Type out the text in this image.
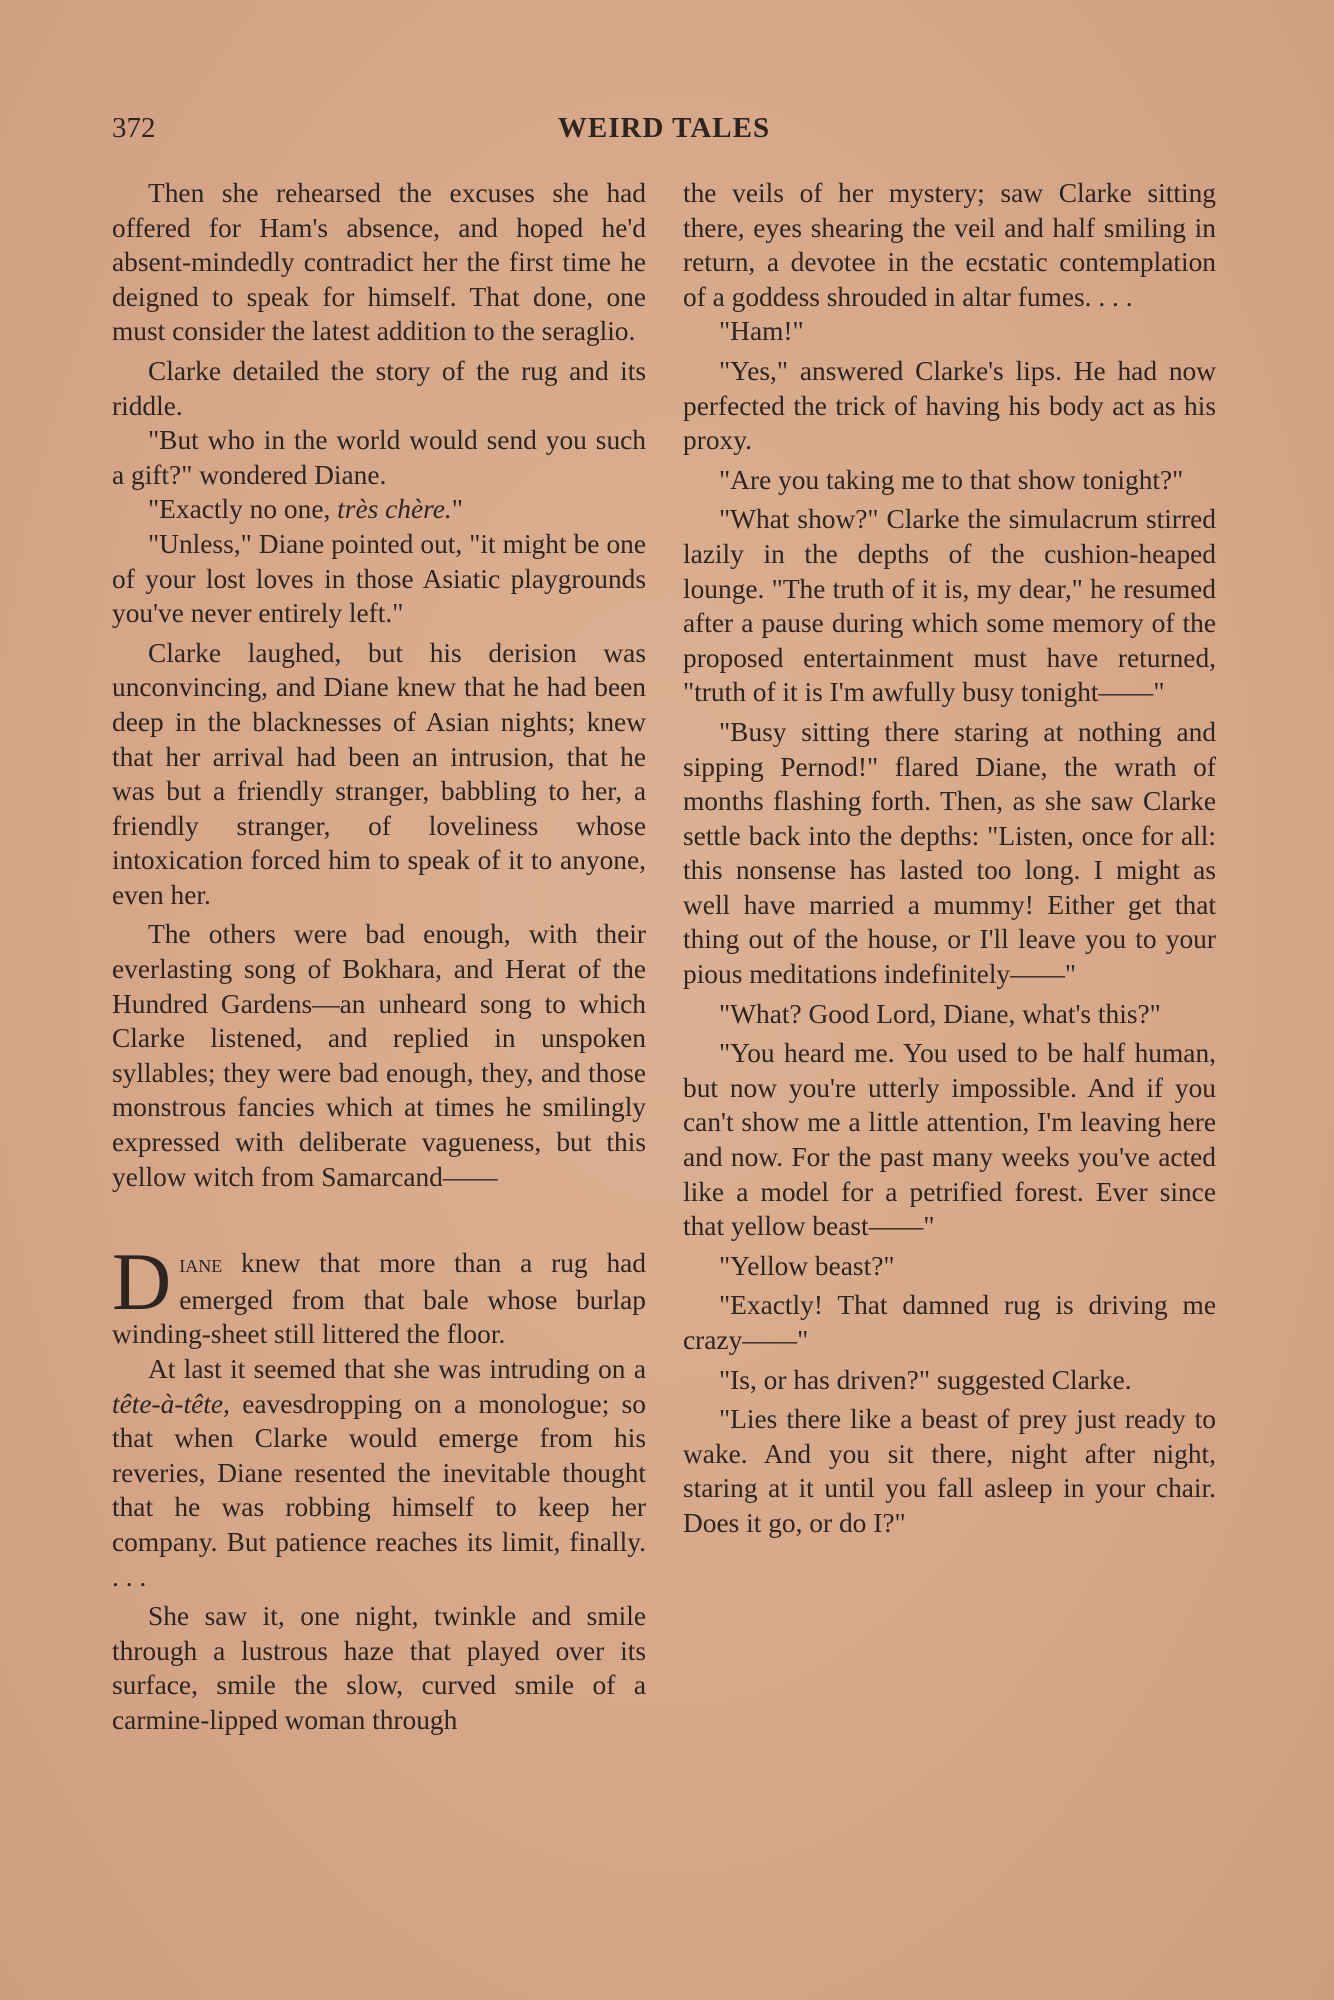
372	WEIRD TALES

Then she rehearsed the excuses she had offered for Ham's absence, and hoped he'd absent-mindedly contradict her the first time he deigned to speak for himself. That done, one must consider the latest addition to the seraglio.

Clarke detailed the story of the rug and its riddle.

"But who in the world would send you such a gift?" wondered Diane.

"Exactly no one, très chère."

"Unless," Diane pointed out, "it might be one of your lost loves in those Asiatic playgrounds you've never entirely left."

Clarke laughed, but his derision was unconvincing, and Diane knew that he had been deep in the blacknesses of Asian nights; knew that her arrival had been an intrusion, that he was but a friendly stranger, babbling to her, a friendly stranger, of loveliness whose intoxication forced him to speak of it to anyone, even her.

The others were bad enough, with their everlasting song of Bokhara, and Herat of the Hundred Gardens—an unheard song to which Clarke listened, and replied in unspoken syllables; they were bad enough, they, and those monstrous fancies which at times he smilingly expressed with deliberate vagueness, but this yellow witch from Samarcand——

Diane knew that more than a rug had emerged from that bale whose burlap winding-sheet still littered the floor.

At last it seemed that she was intruding on a tête-à-tête, eavesdropping on a monologue; so that when Clarke would emerge from his reveries, Diane resented the inevitable thought that he was robbing himself to keep her company. But patience reaches its limit, finally. . . .

She saw it, one night, twinkle and smile through a lustrous haze that played over its surface, smile the slow, curved smile of a carmine-lipped woman through

the veils of her mystery; saw Clarke sitting there, eyes shearing the veil and half smiling in return, a devotee in the ecstatic contemplation of a goddess shrouded in altar fumes. . . .

"Ham!"

"Yes," answered Clarke's lips. He had now perfected the trick of having his body act as his proxy.

"Are you taking me to that show tonight?"

"What show?" Clarke the simulacrum stirred lazily in the depths of the cushion-heaped lounge. "The truth of it is, my dear," he resumed after a pause during which some memory of the proposed entertainment must have returned, "truth of it is I'm awfully busy tonight——"

"Busy sitting there staring at nothing and sipping Pernod!" flared Diane, the wrath of months flashing forth. Then, as she saw Clarke settle back into the depths: "Listen, once for all: this nonsense has lasted too long. I might as well have married a mummy! Either get that thing out of the house, or I'll leave you to your pious meditations indefinitely——"

"What? Good Lord, Diane, what's this?"

"You heard me. You used to be half human, but now you're utterly impossible. And if you can't show me a little attention, I'm leaving here and now. For the past many weeks you've acted like a model for a petrified forest. Ever since that yellow beast——"

"Yellow beast?"

"Exactly! That damned rug is driving me crazy——"

"Is, or has driven?" suggested Clarke.

"Lies there like a beast of prey just ready to wake. And you sit there, night after night, staring at it until you fall asleep in your chair. Does it go, or do I?"
